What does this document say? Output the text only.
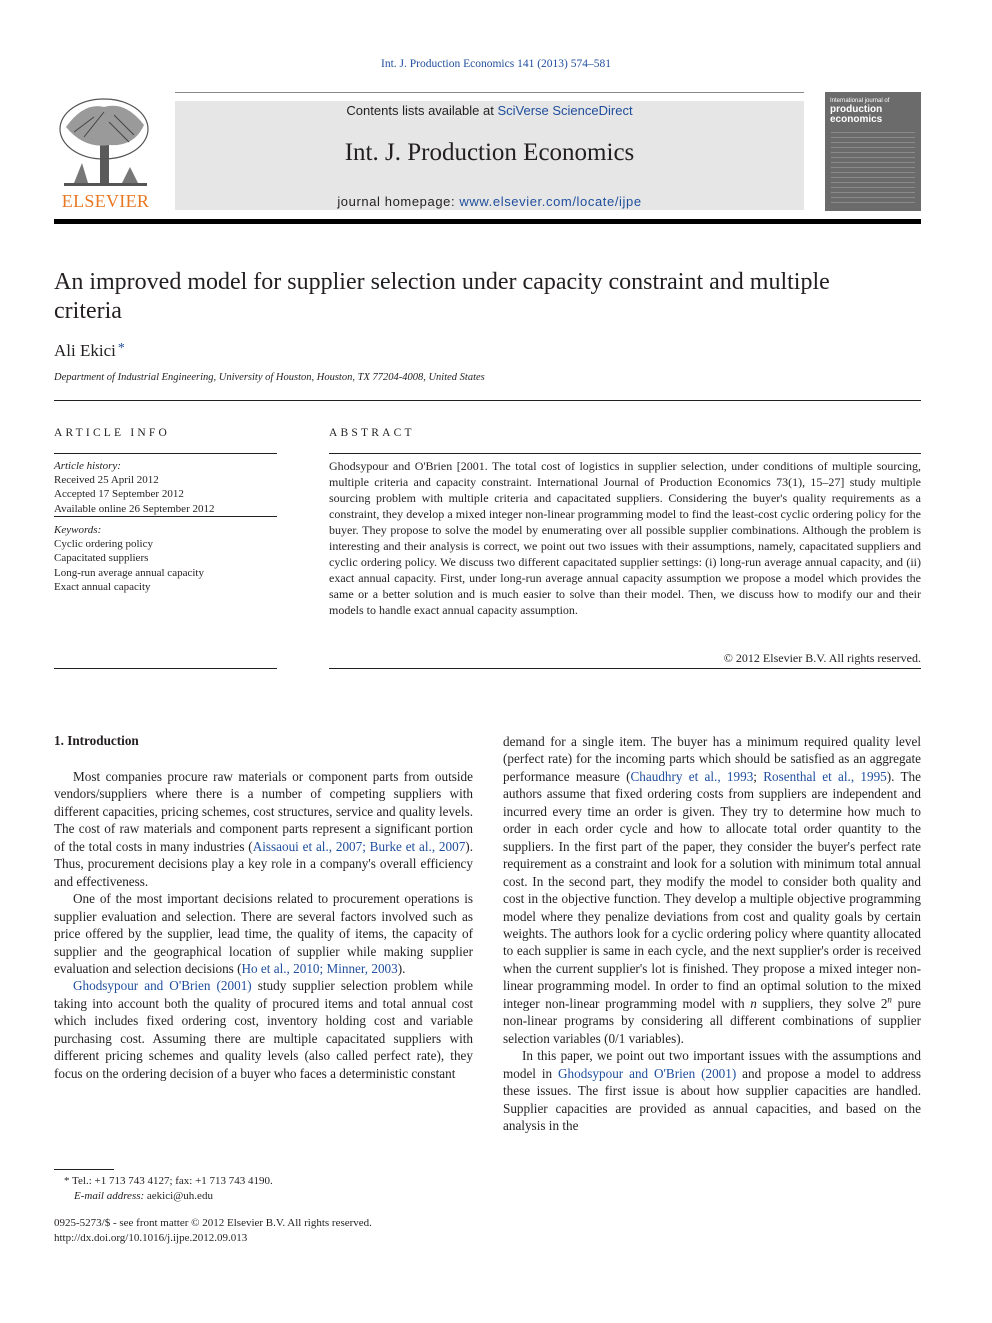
Int. J. Production Economics 141 (2013) 574–581
ELSEVIER
Contents lists available at SciVerse ScienceDirect
Int. J. Production Economics
journal homepage: www.elsevier.com/locate/ijpe
International journal of
production
economics
An improved model for supplier selection under capacity constraint and multiple criteria
Ali Ekici *
Department of Industrial Engineering, University of Houston, Houston, TX 77204-4008, United States
ARTICLE INFO
Article history:
Received 25 April 2012
Accepted 17 September 2012
Available online 26 September 2012
Keywords:
Cyclic ordering policy
Capacitated suppliers
Long-run average annual capacity
Exact annual capacity
ABSTRACT
Ghodsypour and O'Brien [2001. The total cost of logistics in supplier selection, under conditions of multiple sourcing, multiple criteria and capacity constraint. International Journal of Production Economics 73(1), 15–27] study multiple sourcing problem with multiple criteria and capacitated suppliers. Considering the buyer's quality requirements as a constraint, they develop a mixed integer non-linear programming model to find the least-cost cyclic ordering policy for the buyer. They propose to solve the model by enumerating over all possible supplier combinations. Although the problem is interesting and their analysis is correct, we point out two issues with their assumptions, namely, capacitated suppliers and cyclic ordering policy. We discuss two different capacitated supplier settings: (i) long-run average annual capacity, and (ii) exact annual capacity. First, under long-run average annual capacity assumption we propose a model which provides the same or a better solution and is much easier to solve than their model. Then, we discuss how to modify our and their models to handle exact annual capacity assumption.
© 2012 Elsevier B.V. All rights reserved.
1. Introduction

Most companies procure raw materials or component parts from outside vendors/suppliers where there is a number of competing suppliers with different capacities, pricing schemes, cost structures, service and quality levels. The cost of raw materials and component parts represent a significant portion of the total costs in many industries (Aissaoui et al., 2007; Burke et al., 2007). Thus, procurement decisions play a key role in a company's overall efficiency and effectiveness.

One of the most important decisions related to procurement operations is supplier evaluation and selection. There are several factors involved such as price offered by the supplier, lead time, the quality of items, the capacity of supplier and the geographical location of supplier while making supplier evaluation and selection decisions (Ho et al., 2010; Minner, 2003).

Ghodsypour and O'Brien (2001) study supplier selection problem while taking into account both the quality of procured items and total annual cost which includes fixed ordering cost, inventory holding cost and variable purchasing cost. Assuming there are multiple capacitated suppliers with different pricing schemes and quality levels (also called perfect rate), they focus on the ordering decision of a buyer who faces a deterministic constant

demand for a single item. The buyer has a minimum required quality level (perfect rate) for the incoming parts which should be satisfied as an aggregate performance measure (Chaudhry et al., 1993; Rosenthal et al., 1995). The authors assume that fixed ordering costs from suppliers are independent and incurred every time an order is given. They try to determine how much to order in each order cycle and how to allocate total order quantity to the suppliers. In the first part of the paper, they consider the buyer's perfect rate requirement as a constraint and look for a solution with minimum total annual cost. In the second part, they modify the model to consider both quality and cost in the objective function. They develop a multiple objective programming model where they penalize deviations from cost and quality goals by certain weights. The authors look for a cyclic ordering policy where quantity allocated to each supplier is same in each cycle, and the next supplier's order is received when the current supplier's lot is finished. They propose a mixed integer non-linear programming model. In order to find an optimal solution to the mixed integer non-linear programming model with n suppliers, they solve 2$^n$ pure non-linear programs by considering all different combinations of supplier selection variables (0/1 variables).

In this paper, we point out two important issues with the assumptions and model in Ghodsypour and O'Brien (2001) and propose a model to address these issues. The first issue is about how supplier capacities are handled. Supplier capacities are provided as annual capacities, and based on the analysis in the

* Tel.: +1 713 743 4127; fax: +1 713 743 4190.
E-mail address: aekici@uh.edu
0925-5273/$ - see front matter © 2012 Elsevier B.V. All rights reserved.
http://dx.doi.org/10.1016/j.ijpe.2012.09.013
